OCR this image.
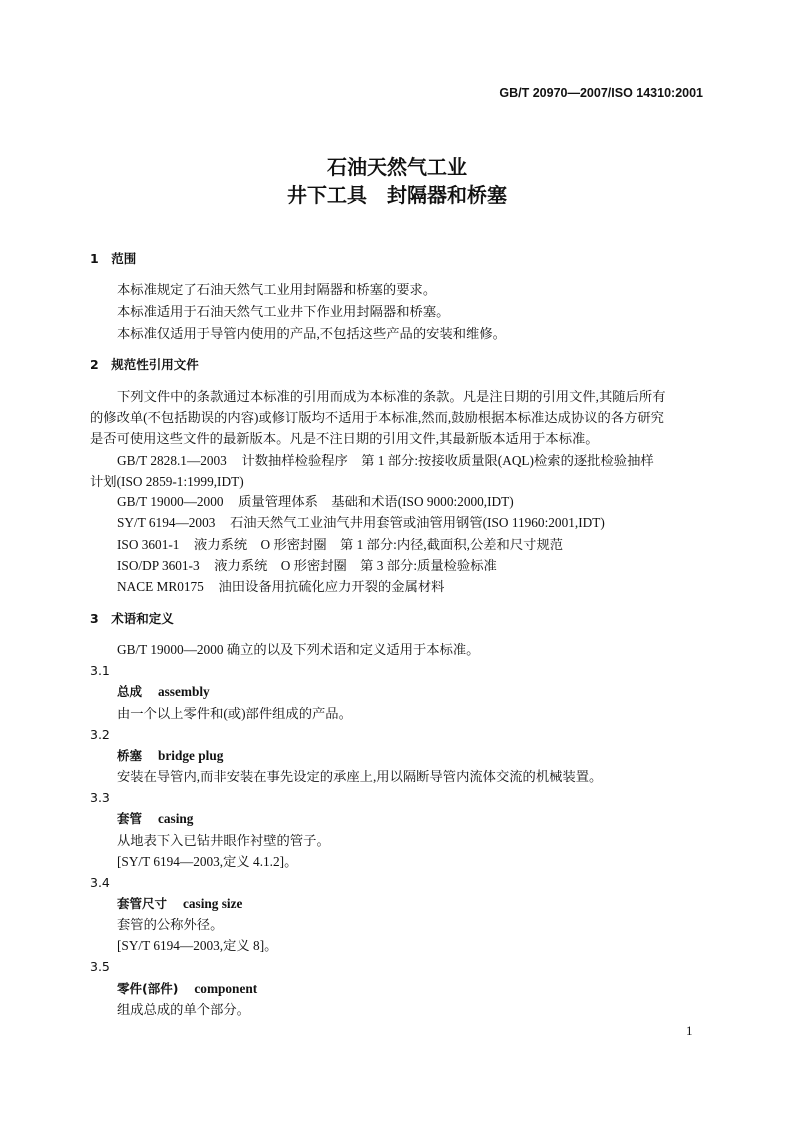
GB/T 20970—2007/ISO 14310:2001
石油天然气工业
井下工具　封隔器和桥塞
1 范围
本标准规定了石油天然气工业用封隔器和桥塞的要求。
本标准适用于石油天然气工业井下作业用封隔器和桥塞。
本标准仅适用于导管内使用的产品,不包括这些产品的安装和维修。
2 规范性引用文件
下列文件中的条款通过本标准的引用而成为本标准的条款。凡是注日期的引用文件,其随后所有
的修改单(不包括勘误的内容)或修订版均不适用于本标准,然而,鼓励根据本标准达成协议的各方研究
是否可使用这些文件的最新版本。凡是不注日期的引用文件,其最新版本适用于本标准。
GB/T 2828.1—2003 计数抽样检验程序　第 1 部分:按接收质量限(AQL)检索的逐批检验抽样
计划(ISO 2859-1:1999,IDT)
GB/T 19000—2000 质量管理体系　基础和术语(ISO 9000:2000,IDT)
SY/T 6194—2003 石油天然气工业油气井用套管或油管用钢管(ISO 11960:2001,IDT)
ISO 3601-1 液力系统　O 形密封圈　第 1 部分:内径,截面积,公差和尺寸规范
ISO/DP 3601-3 液力系统　O 形密封圈　第 3 部分:质量检验标准
NACE MR0175 油田设备用抗硫化应力开裂的金属材料
3 术语和定义
GB/T 19000—2000 确立的以及下列术语和定义适用于本标准。
3.1
总成 assembly
由一个以上零件和(或)部件组成的产品。
3.2
桥塞 bridge plug
安装在导管内,而非安装在事先设定的承座上,用以隔断导管内流体交流的机械装置。
3.3
套管 casing
从地表下入已钻井眼作衬壁的管子。
[SY/T 6194—2003,定义 4.1.2]。
3.4
套管尺寸 casing size
套管的公称外径。
[SY/T 6194—2003,定义 8]。
3.5
零件(部件) component
组成总成的单个部分。
1
